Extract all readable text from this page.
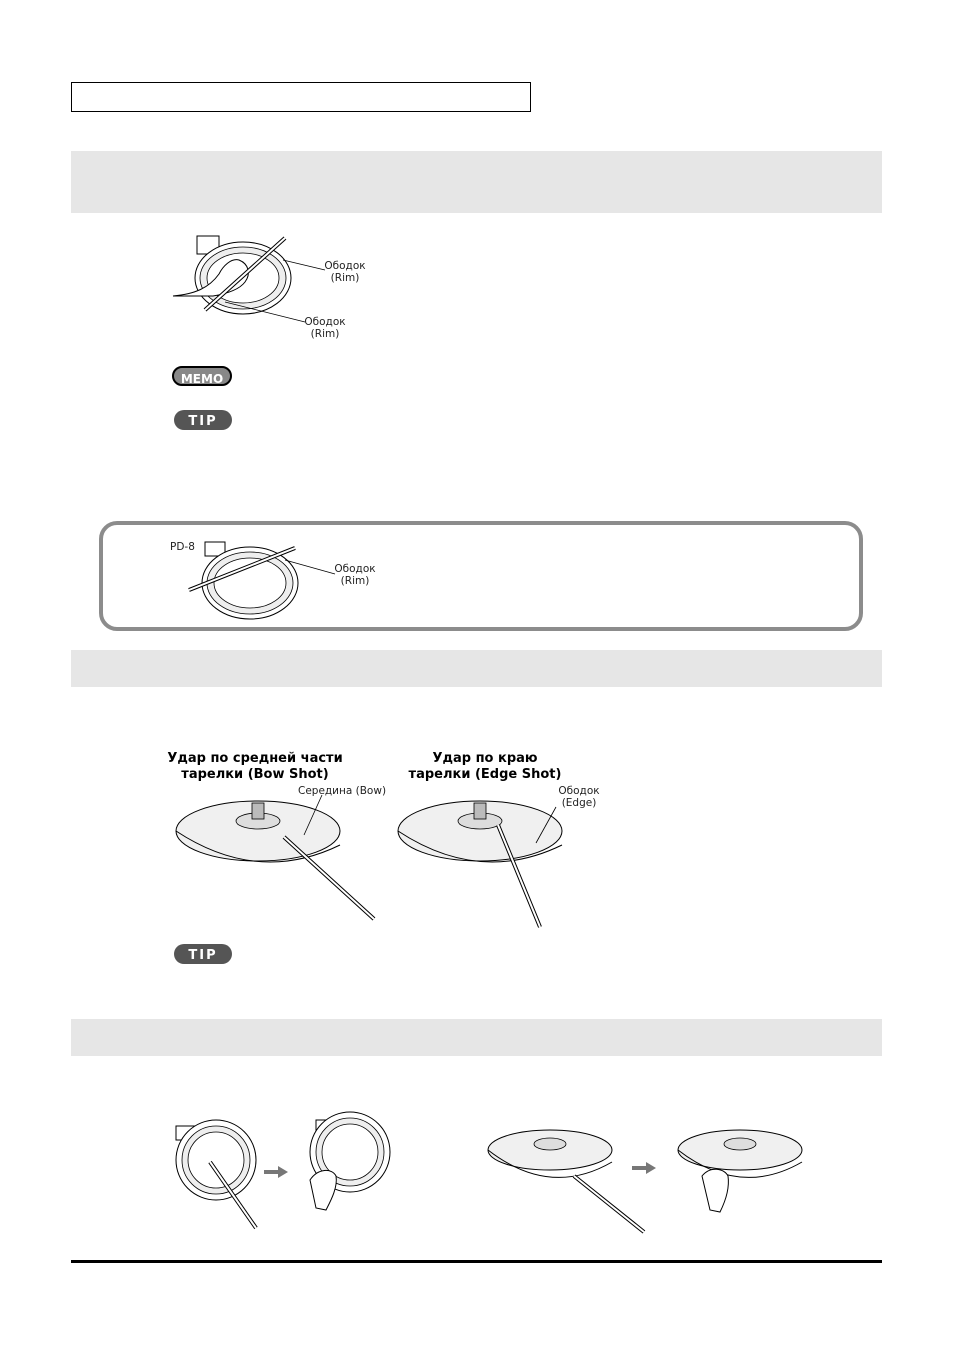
Ободок
(Rim)
Ободок
(Rim)
MEMO
TIP
PD-8
Ободок
(Rim)
Удар по средней части
тарелки (Bow Shot)
Удар по краю
тарелки (Edge Shot)
Середина (Bow)	Ободок
(Edge)
TIP
